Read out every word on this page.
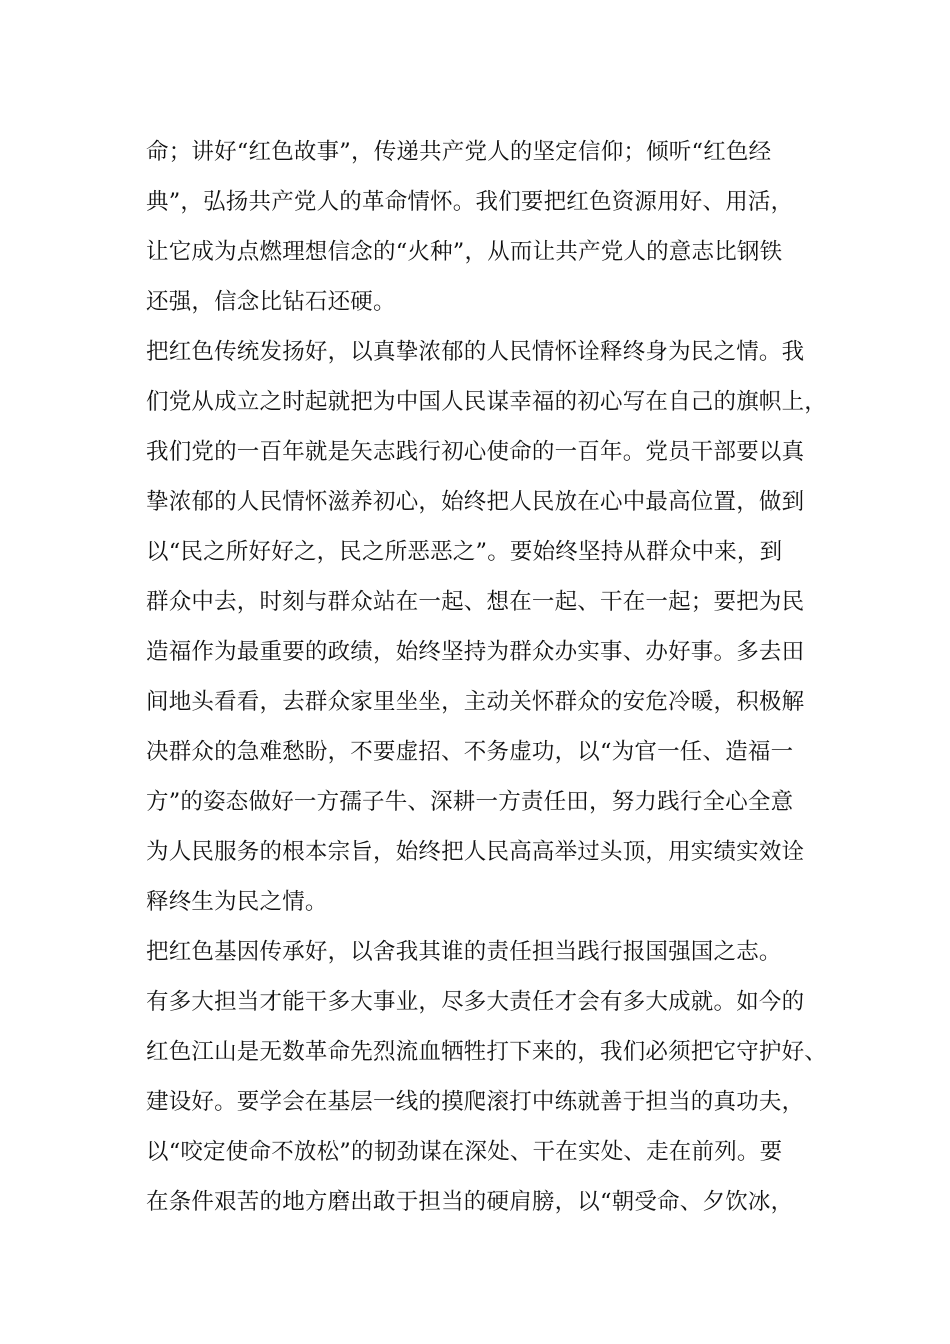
命；讲好“红色故事”，传递共产党人的坚定信仰；倾听“红色经
典”，弘扬共产党人的革命情怀。我们要把红色资源用好、用活，
让它成为点燃理想信念的“火种”，从而让共产党人的意志比钢铁
还强，信念比钻石还硬。
把红色传统发扬好，以真挚浓郁的人民情怀诠释终身为民之情。我
们党从成立之时起就把为中国人民谋幸福的初心写在自己的旗帜上，
我们党的一百年就是矢志践行初心使命的一百年。党员干部要以真
挚浓郁的人民情怀滋养初心，始终把人民放在心中最高位置，做到
以“民之所好好之，民之所恶恶之”。要始终坚持从群众中来，到
群众中去，时刻与群众站在一起、想在一起、干在一起；要把为民
造福作为最重要的政绩，始终坚持为群众办实事、办好事。多去田
间地头看看，去群众家里坐坐，主动关怀群众的安危冷暖，积极解
决群众的急难愁盼，不要虚招、不务虚功，以“为官一任、造福一
方”的姿态做好一方孺子牛、深耕一方责任田，努力践行全心全意
为人民服务的根本宗旨，始终把人民高高举过头顶，用实绩实效诠
释终生为民之情。
把红色基因传承好，以舍我其谁的责任担当践行报国强国之志。
有多大担当才能干多大事业，尽多大责任才会有多大成就。如今的
红色江山是无数革命先烈流血牺牲打下来的，我们必须把它守护好、
建设好。要学会在基层一线的摸爬滚打中练就善于担当的真功夫，
以“咬定使命不放松”的韧劲谋在深处、干在实处、走在前列。要
在条件艰苦的地方磨出敢于担当的硬肩膀，以“朝受命、夕饮冰，
